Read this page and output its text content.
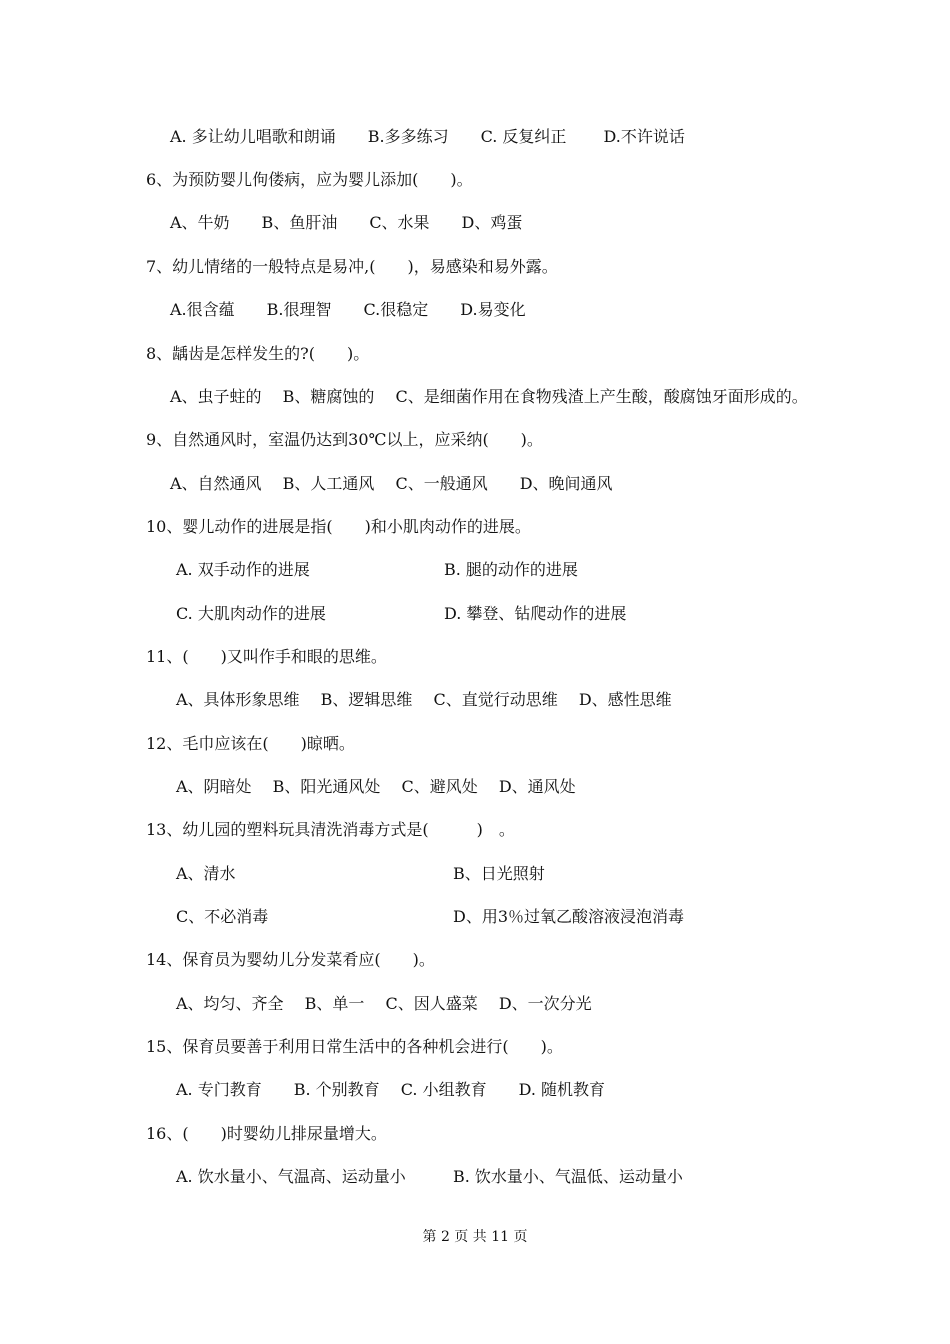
A. 多让幼儿唱歌和朗诵　　B.多多练习　　C. 反复纠正　　 D.不许说话
6、为预防婴儿佝偻病，应为婴儿添加(　　)。
A、牛奶　　B、鱼肝油　　C、水果　　D、鸡蛋
7、幼儿情绪的一般特点是易冲,(　　)，易感染和易外露。
A.很含蕴　　B.很理智　　C.很稳定　　D.易变化
8、龋齿是怎样发生的?(　　)。
A、虫子蛀的　 B、糖腐蚀的　 C、是细菌作用在食物残渣上产生酸，酸腐蚀牙面形成的。
9、自然通风时，室温仍达到30℃以上，应采纳(　　)。
A、自然通风　 B、人工通风　 C、一般通风　　D、晚间通风
10、婴儿动作的进展是指(　　)和小肌肉动作的进展。
A. 双手动作的进展	B. 腿的动作的进展
C. 大肌肉动作的进展	D. 攀登、钻爬动作的进展
11、(　　)又叫作手和眼的思维。
A、具体形象思维　 B、逻辑思维　 C、直觉行动思维　 D、感性思维
12、毛巾应该在(　　)晾晒。
A、阴暗处　 B、阳光通风处　 C、避风处　 D、通风处
13、幼儿园的塑料玩具清洗消毒方式是(　　　)　。
A、清水	B、日光照射
C、不必消毒	D、用3％过氧乙酸溶液浸泡消毒
14、保育员为婴幼儿分发菜肴应(　　)。
A、均匀、齐全　 B、单一　 C、因人盛菜　 D、一次分光
15、保育员要善于利用日常生活中的各种机会进行(　　)。
A. 专门教育　　B. 个别教育　 C. 小组教育　　D. 随机教育
16、(　　)时婴幼儿排尿量增大。
A. 饮水量小、气温高、运动量小	B. 饮水量小、气温低、运动量小
第 2 页 共 11 页
